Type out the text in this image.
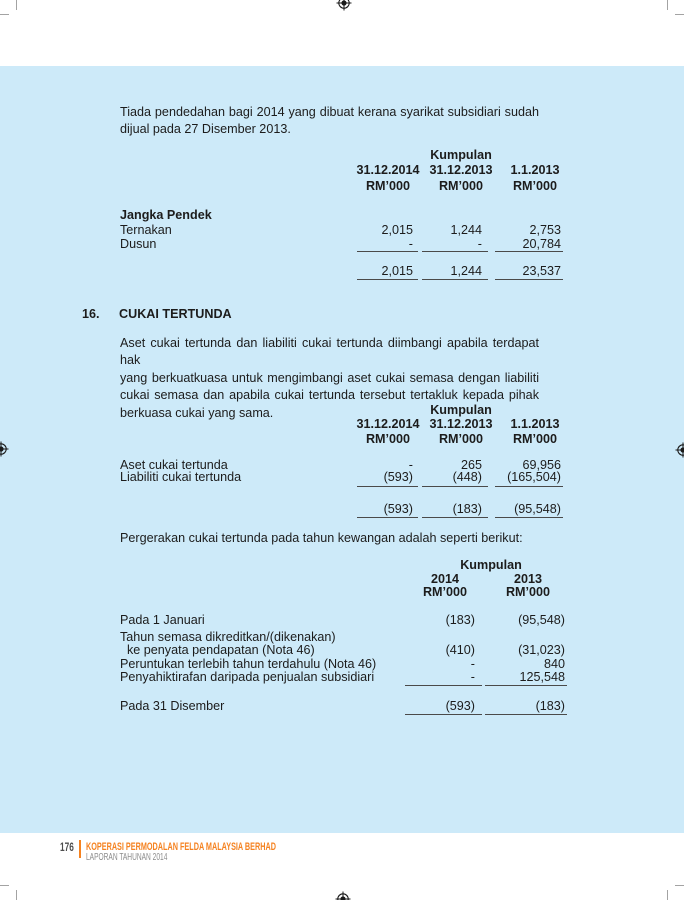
Tiada pendedahan bagi 2014 yang dibuat kerana syarikat subsidiari sudah
dijual pada 27 Disember 2013.
Kumpulan
31.12.2014 31.12.2013	1.1.2013
RM’000	RM’000	RM’000
Jangka Pendek
Ternakan	2,015	1,244	2,753
Dusun	-	-	20,784
2,015	1,244	23,537
16. CUKAI TERTUNDA
Aset cukai tertunda dan liabiliti cukai tertunda diimbangi apabila terdapat hak
yang berkuatkuasa untuk mengimbangi aset cukai semasa dengan liabiliti
cukai semasa dan apabila cukai tertunda tersebut tertakluk kepada pihak
berkuasa cukai yang sama.	Kumpulan
31.12.2014 31.12.2013	1.1.2013
RM’000	RM’000	RM’000
Aset cukai tertunda	-	265	69,956
Liabiliti cukai tertunda	(593)	(448)	(165,504)
(593)	(183)	(95,548)
Pergerakan cukai tertunda pada tahun kewangan adalah seperti berikut:
Kumpulan
2014	2013
RM’000	RM’000
Pada 1 Januari	(183)	(95,548)
Tahun semasa dikreditkan/(dikenakan)
ke penyata pendapatan (Nota 46)	(410)	(31,023)
Peruntukan terlebih tahun terdahulu (Nota 46)	-	840
Penyahiktirafan daripada penjualan subsidiari	-	125,548
Pada 31 Disember	(593)	(183)
176 KOPERASI PERMODALAN FELDA MALAYSIA BERHAD
LAPORAN TAHUNAN 2014
